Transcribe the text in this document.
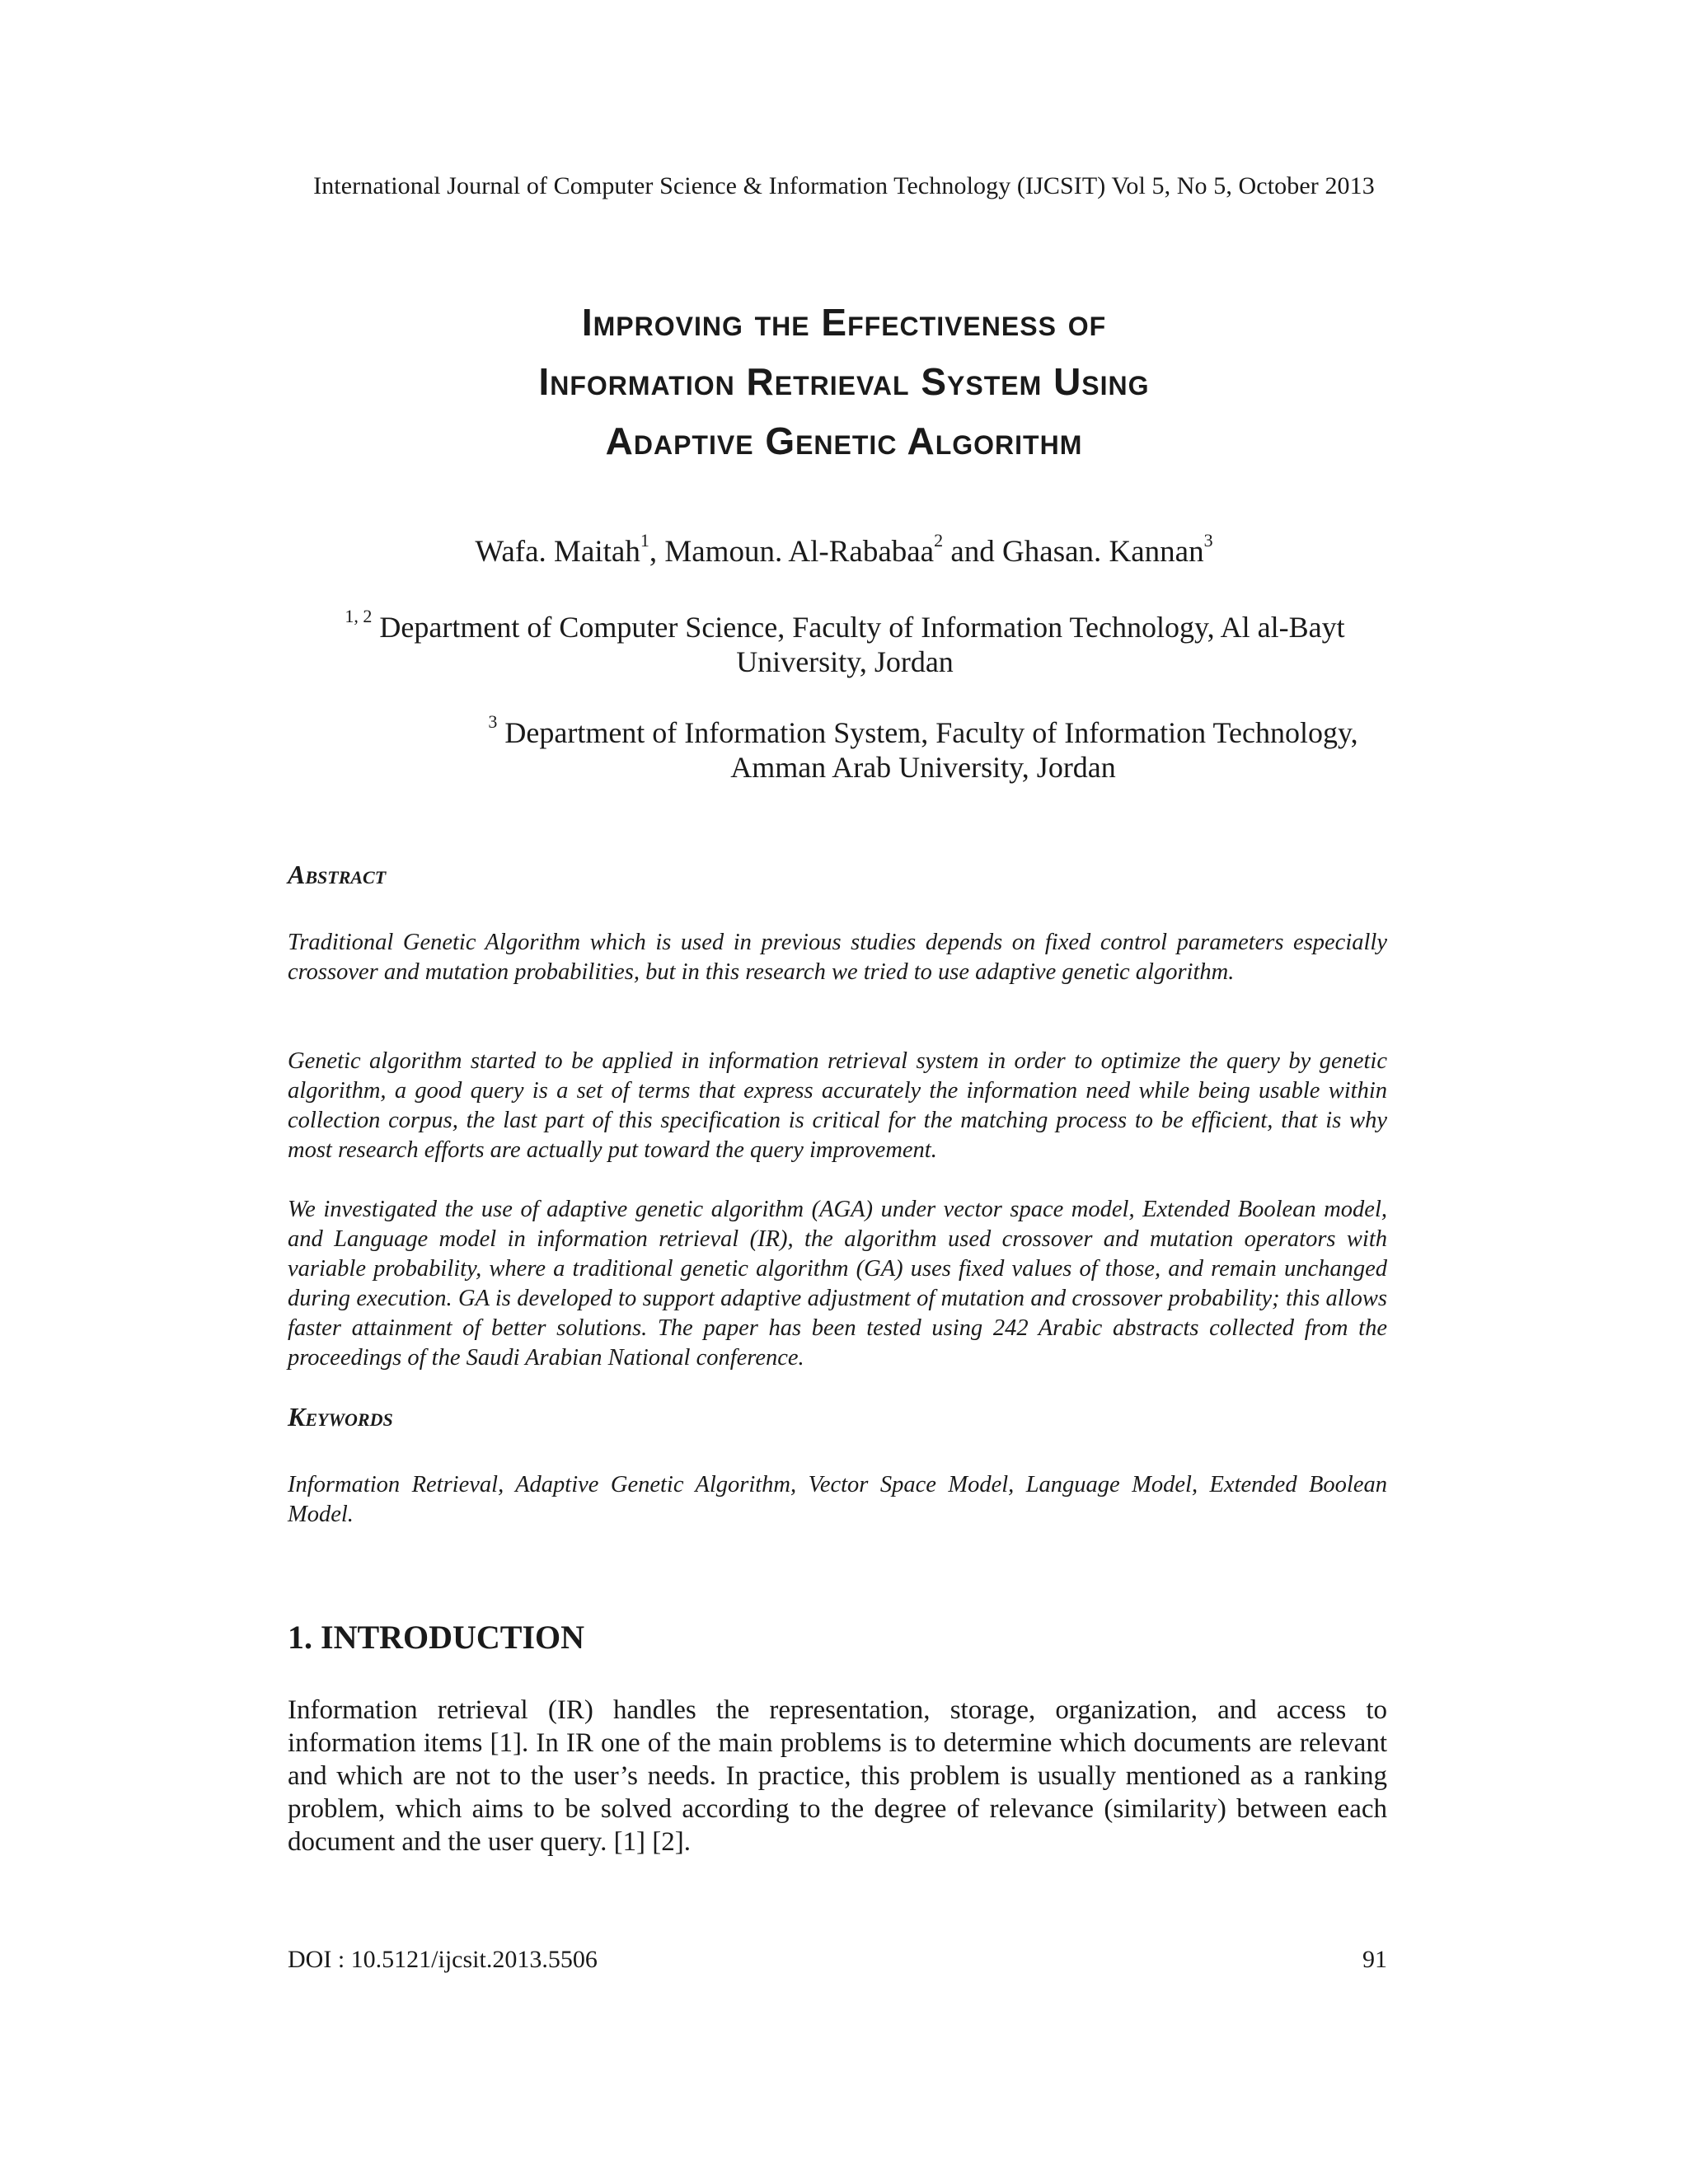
International Journal of Computer Science & Information Technology (IJCSIT) Vol 5, No 5, October 2013
Improving the Effectiveness of
Information Retrieval System Using
Adaptive Genetic Algorithm
Wafa. Maitah$^1$, Mamoun. Al-Rababaa$^2$ and Ghasan. Kannan$^3$
$^{1, 2}$ Department of Computer Science, Faculty of Information Technology, Al al-Bayt
University, Jordan
$^3$ Department of Information System, Faculty of Information Technology,
Amman Arab University, Jordan
Abstract

Traditional Genetic Algorithm which is used in previous studies depends on fixed control parameters especially crossover and mutation probabilities, but in this research we tried to use adaptive genetic algorithm.

Genetic algorithm started to be applied in information retrieval system in order to optimize the query by genetic algorithm, a good query is a set of terms that express accurately the information need while being usable within collection corpus, the last part of this specification is critical for the matching process to be efficient, that is why most research efforts are actually put toward the query improvement.

We investigated the use of adaptive genetic algorithm (AGA) under vector space model, Extended Boolean model, and Language model in information retrieval (IR), the algorithm used crossover and mutation operators with variable probability, where a traditional genetic algorithm (GA) uses fixed values of those, and remain unchanged during execution. GA is developed to support adaptive adjustment of mutation and crossover probability; this allows faster attainment of better solutions. The paper has been tested using 242 Arabic abstracts collected from the proceedings of the Saudi Arabian National conference.

Keywords

Information Retrieval, Adaptive Genetic Algorithm, Vector Space Model, Language Model, Extended Boolean Model.

1. INTRODUCTION

Information retrieval (IR) handles the representation, storage, organization, and access to information items [1]. In IR one of the main problems is to determine which documents are relevant and which are not to the user’s needs. In practice, this problem is usually mentioned as a ranking problem, which aims to be solved according to the degree of relevance (similarity) between each document and the user query. [1] [2].

DOI : 10.5121/ijcsit.2013.5506	91
